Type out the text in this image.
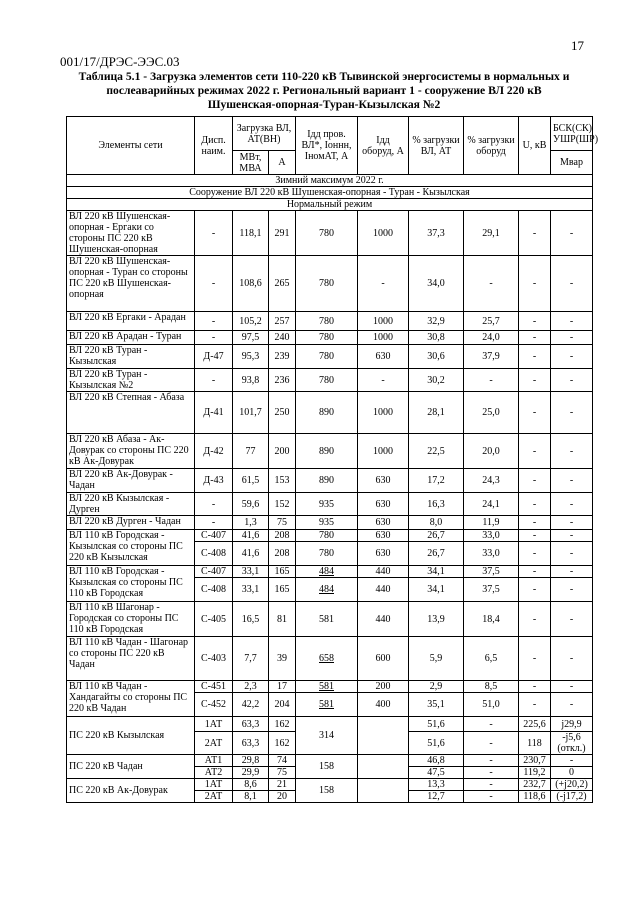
17
001/17/ДРЭС-ЭЭС.03
Таблица 5.1 - Загрузка элементов сети 110-220 кВ Тывинской энергосистемы в нормальных и послеаварийных режимах 2022 г. Региональный вариант 1 - сооружение ВЛ 220 кВ Шушенская-опорная-Туран-Кызылская №2
Элементы сети	Дисп. наим.	Загрузка ВЛ, АТ(ВН)		Iдд пров. ВЛ*, Iоннн, IномАТ, А	Iдд оборуд, А	% загрузки ВЛ, АТ	% загрузки оборуд	U, кВ	БСК(СК) УШР(ШР)
		МВт, МВА	А						Мвар
Зимний максимум 2022 г.									
Сооружение ВЛ 220 кВ Шушенская-опорная - Туран - Кызылская									
Нормальный режим									
ВЛ 220 кВ Шушенская-опорная - Ергаки со стороны ПС 220 кВ Шушенская-опорная	-	118,1	291	780	1000	37,3	29,1	-	-
ВЛ 220 кВ Шушенская-опорная - Туран со стороны ПС 220 кВ Шушенская-опорная	-	108,6	265	780	-	34,0	-	-	-
ВЛ 220 кВ Ергаки - Арадан	-	105,2	257	780	1000	32,9	25,7	-	-
ВЛ 220 кВ Арадан - Туран	-	97,5	240	780	1000	30,8	24,0	-	-
ВЛ 220 кВ Туран - Кызылская	Д-47	95,3	239	780	630	30,6	37,9	-	-
ВЛ 220 кВ Туран - Кызылская №2	-	93,8	236	780	-	30,2	-	-	-
ВЛ 220 кВ Степная - Абаза	Д-41	101,7	250	890	1000	28,1	25,0	-	-
ВЛ 220 кВ Абаза - Ак-Довурак со стороны ПС 220 кВ Ак-Довурак	Д-42	77	200	890	1000	22,5	20,0	-	-
ВЛ 220 кВ Ак-Довурак - Чадан	Д-43	61,5	153	890	630	17,2	24,3	-	-
ВЛ 220 кВ Кызылская - Дурген	-	59,6	152	935	630	16,3	24,1	-	-
ВЛ 220 кВ Дурген - Чадан	-	1,3	75	935	630	8,0	11,9	-	-
ВЛ 110 кВ Городская - Кызылская со стороны ПС 220 кВ Кызылская	С-407	41,6	208	780	630	26,7	33,0	-	-
	С-408	41,6	208	780	630	26,7	33,0	-	-
ВЛ 110 кВ Городская - Кызылская со стороны ПС 110 кВ Городская	С-407	33,1	165	484	440	34,1	37,5	-	-
	С-408	33,1	165	484	440	34,1	37,5	-	-
ВЛ 110 кВ Шагонар - Городская со стороны ПС 110 кВ Городская	С-405	16,5	81	581	440	13,9	18,4	-	-
ВЛ 110 кВ Чадан - Шагонар со стороны ПС 220 кВ Чадан	С-403	7,7	39	658	600	5,9	6,5	-	-
ВЛ 110 кВ Чадан - Хандагайты со стороны ПС 220 кВ Чадан	С-451	2,3	17	581	200	2,9	8,5	-	-
	С-452	42,2	204	581	400	35,1	51,0	-	-
ПС 220 кВ Кызылская	1АТ	63,3	162	314		51,6	-	225,6	j29,9
	2АТ	63,3	162			51,6	-	118	-j5,6 (откл.)
ПС 220 кВ Чадан	АТ1	29,8	74	158		46,8	-	230,7	-
	АТ2	29,9	75			47,5	-	119,2	0
ПС 220 кВ Ак-Довурак	1АТ	8,6	21	158		13,3	-	232,7	(+j20,2)
	2АТ	8,1	20			12,7	-	118,6	(-j17,2)
